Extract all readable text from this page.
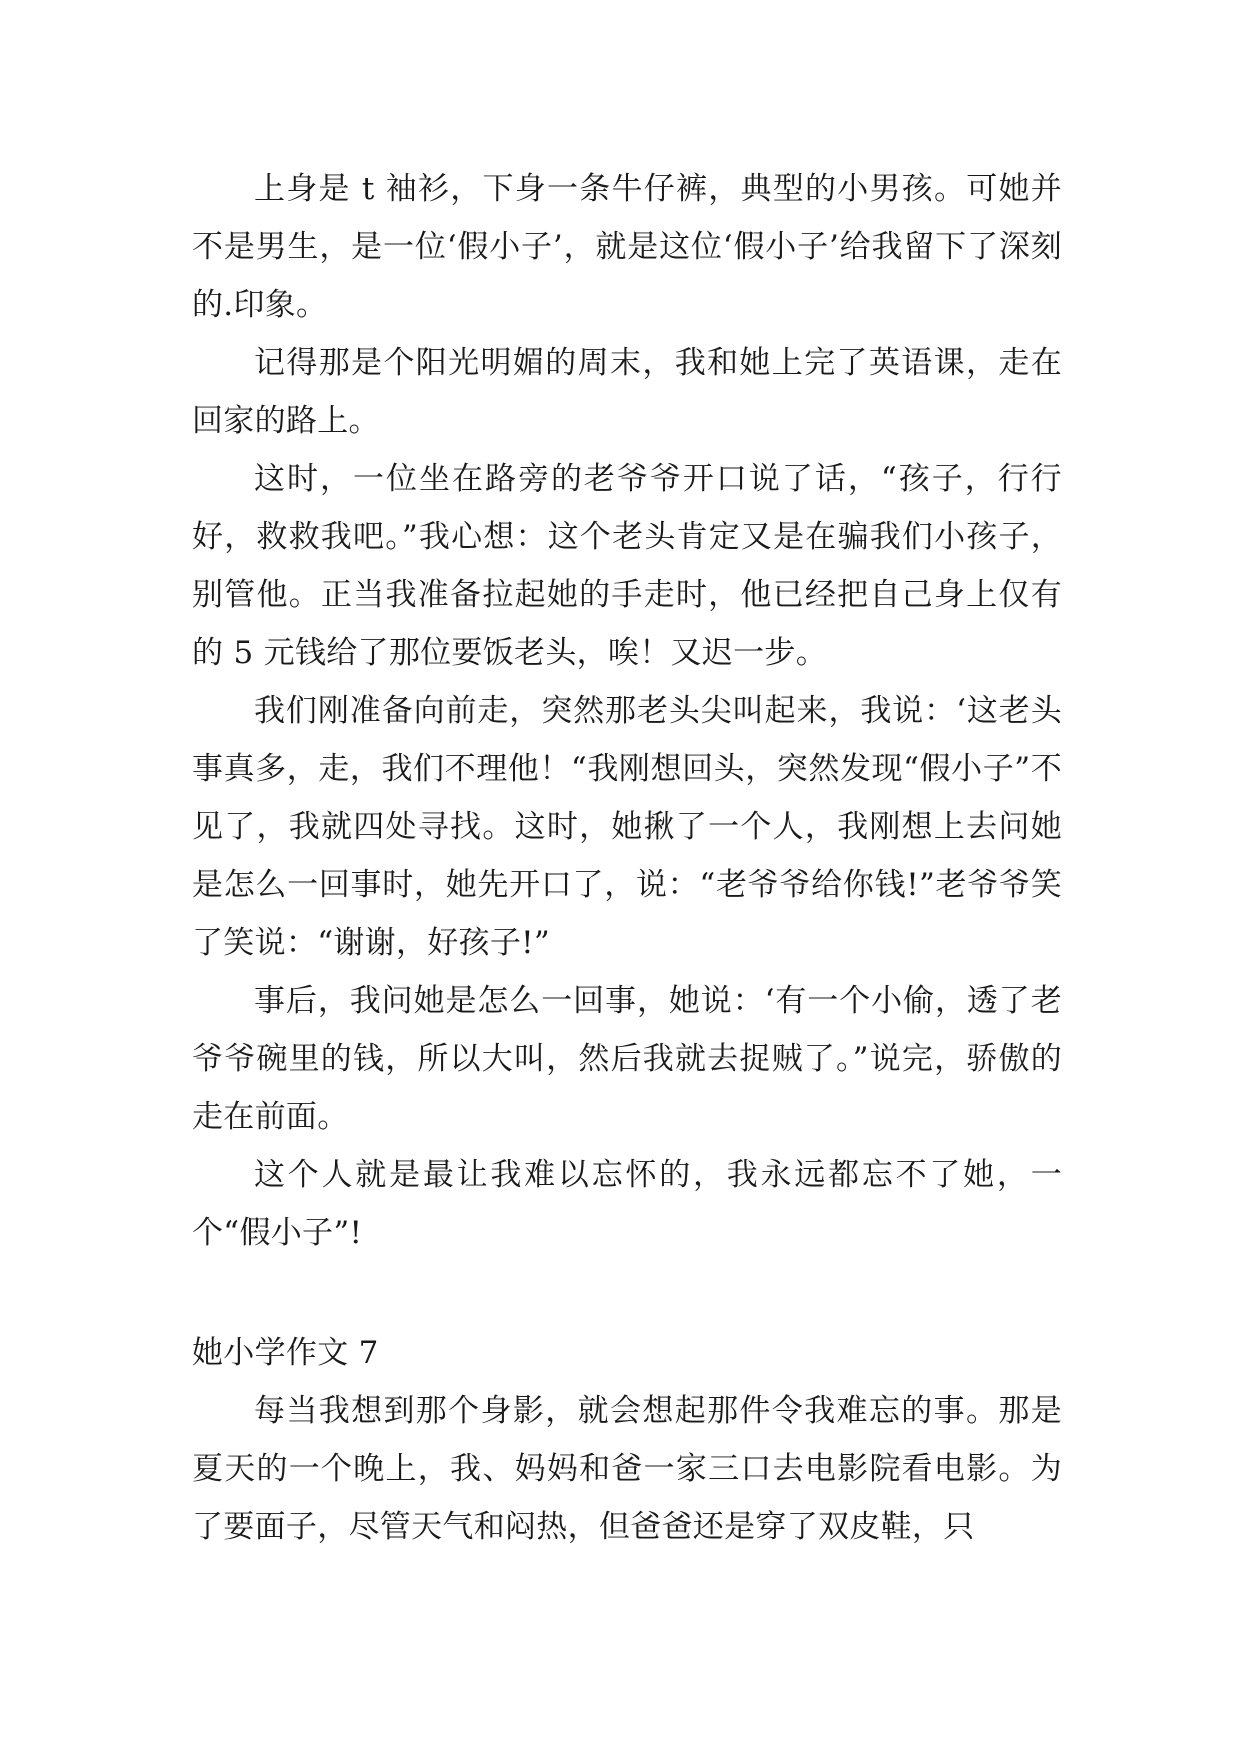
上身是 t 袖衫，下身一条牛仔裤，典型的小男孩。可她并不是男生，是一位‘假小子’，就是这位‘假小子’给我留下了深刻的.印象。

记得那是个阳光明媚的周末，我和她上完了英语课，走在回家的路上。

这时，一位坐在路旁的老爷爷开口说了话，“孩子，行行好，救救我吧。”我心想：这个老头肯定又是在骗我们小孩子，别管他。正当我准备拉起她的手走时，他已经把自己身上仅有的 5 元钱给了那位要饭老头，唉！又迟一步。

我们刚准备向前走，突然那老头尖叫起来，我说：‘这老头事真多，走，我们不理他！“我刚想回头，突然发现“假小子”不见了，我就四处寻找。这时，她揪了一个人，我刚想上去问她是怎么一回事时，她先开口了，说：“老爷爷给你钱!”老爷爷笑了笑说：“谢谢，好孩子!”

事后，我问她是怎么一回事，她说：‘有一个小偷，透了老爷爷碗里的钱，所以大叫，然后我就去捉贼了。”说完，骄傲的走在前面。

这个人就是最让我难以忘怀的，我永远都忘不了她，一个“假小子”!

她小学作文 7

每当我想到那个身影，就会想起那件令我难忘的事。那是夏天的一个晚上，我、妈妈和爸一家三口去电影院看电影。为了要面子，尽管天气和闷热，但爸爸还是穿了双皮鞋，只
